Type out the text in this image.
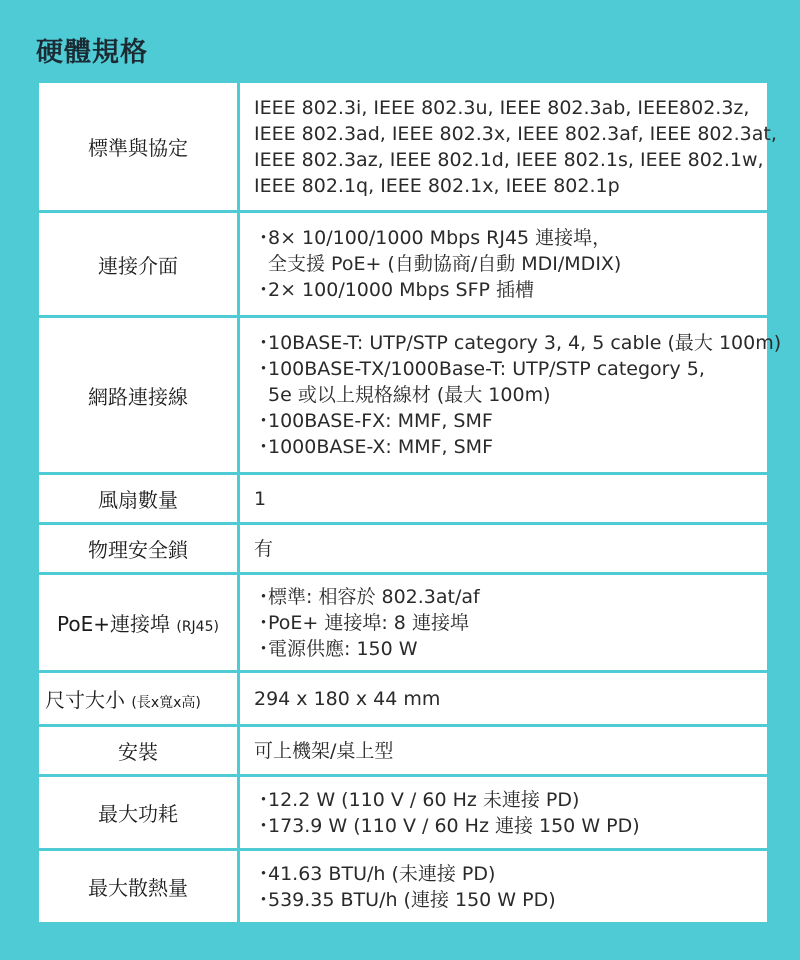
硬體規格
標準與協定	IEEE 802.3i, IEEE 802.3u, IEEE 802.3ab, IEEE802.3z,
IEEE 802.3ad, IEEE 802.3x, IEEE 802.3af, IEEE 802.3at,
IEEE 802.3az, IEEE 802.1d, IEEE 802.1s, IEEE 802.1w,
IEEE 802.1q, IEEE 802.1x, IEEE 802.1p

連接介面	・8× 10/100/1000 Mbps RJ45 連接埠，
全支援 PoE+ (自動協商/自動 MDI/MDIX)
・2× 100/1000 Mbps SFP 插槽

網路連接線	・10BASE-T: UTP/STP category 3, 4, 5 cable (最大 100m)
・100BASE-TX/1000Base-T: UTP/STP category 5,
5e 或以上規格線材 (最大 100m)
・100BASE-FX: MMF, SMF
・1000BASE-X: MMF, SMF

風扇數量	1
物理安全鎖	有
PoE+連接埠 (RJ45)	・標準: 相容於 802.3at/af
・PoE+ 連接埠: 8 連接埠
・電源供應: 150 W

尺寸大小 (長x寬x高)	294 x 180 x 44 mm
安裝	可上機架/桌上型
最大功耗	・12.2 W (110 V / 60 Hz 未連接 PD)
・173.9 W (110 V / 60 Hz 連接 150 W PD)

最大散熱量	・41.63 BTU/h (未連接 PD)
・539.35 BTU/h (連接 150 W PD)
